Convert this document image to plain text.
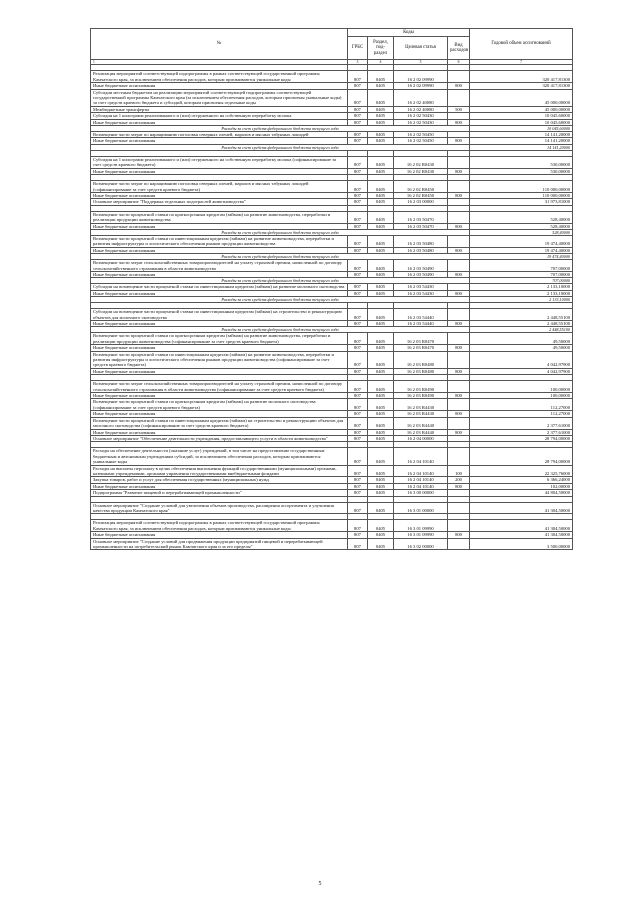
№	Коды				Годовой объем ассигнований
	ГРБС	Раздел, под-раздел	Целевая статья	Вид расходов	
1	3	4	5	6	7

Реализация мероприятий соответствующей подпрограммы в рамках соответствующей государственной программы Камчатского края, за исключением обеспечения расходов, которым присваиваются уникальные коды	807	0405	16 2 02 09990		320 417,81300
Иные бюджетные ассигнования	807	0405	16 2 02 09990	800	320 417,81300
Субсидии местным бюджетам на реализацию мероприятий соответствующей подпрограммы соответствующей государственной программы Камчатского края (за исключением обеспечения расходов, которым присвоены уникальные коды) за счет средств краевого бюджета и субсидий, которым присвоены отдельные коды	807	0405	16 2 02 40080		45 000,00000
Межбюджетные трансферты	807	0405	16 2 02 40080	500	45 000,00000
Субсидия на 1 килограмм реализованного и (или) отгруженного на собственную переработку молока	807	0405	16 2 02 50430		10 045,60000
Иные бюджетные ассигнования	807	0405	16 2 02 50430	800	10 045,60000
Расходы за счет средств федерального бюджета текущего года					10 045,60000
Возмещение части затрат по наращиванию поголовья северных оленей, маралов и мясных табунных лошадей	807	0405	16 2 02 50450		14 141,20000
Иные бюджетные ассигнования	807	0405	16 2 02 50450	800	14 141,20000
Расходы за счет средств федерального бюджета текущего года					14 141,20000

Субсидия на 1 килограмм реализованного и (или) отгруженного на собственную переработку молока (софинансирование за счет средств краевого бюджета)	807	0405	16 2 02 R0430		530,00000
Иные бюджетные ассигнования	807	0405	16 2 02 R0430	800	530,00000

Возмещение части затрат по наращиванию поголовья северных оленей, маралов и мясных табунных лошадей (софинансирование за счет средств краевого бюджета)	807	0405	16 2 02 R0450		110 000,00000
Иные бюджетные ассигнования	807	0405	16 2 02 R0450	800	110 000,00000
Основное мероприятие "Поддержка отдельных подотраслей животноводства"	807	0405	16 2 03 00000		31 973,81000

Возмещение части процентной ставки по краткосрочным кредитам (займам) на развитие животноводства, переработки и реализации продукции животноводства	807	0405	16 2 03 50470		528,40000
Иные бюджетные ассигнования	807	0405	16 2 03 50470	800	528,40000
Расходы за счет средств федерального бюджета текущего года					528,40000
Возмещение части процентной ставки по инвестиционным кредитам (займам) на развитие животноводства, переработки и развития инфраструктуры и логистического обеспечения рынков продукции животноводства	807	0405	16 2 03 50480		19 474,40000
Иные бюджетные ассигнования	807	0405	16 2 03 50480	800	19 474,40000
Расходы за счет средств федерального бюджета текущего года					19 474,40000
Возмещение части затрат сельскохозяйственных товаропроизводителей на уплату страховой премии, начисленной по договору сельскохозяйственного страхования в области животноводства	807	0405	16 2 03 50490		707,00000
Иные бюджетные ассигнования	807	0405	16 2 03 50490	800	707,00000
Расходы за счет средств федерального бюджета текущего года					707,00000
Субсидии на возмещение части процентной ставки по инвестиционным кредитам (займам) на развитие молочного скотоводства	807	0405	16 2 03 54430		2 133,10000
Иные бюджетные ассигнования	807	0405	16 2 03 54430	800	2 133,10000
Расходы за счет средств федерального бюджета текущего года					2 133,10000

Субсидии на возмещение части процентной ставки по инвестиционным кредитам (займам) на строительство и реконструкцию объектов для молочного скотоводства	807	0405	16 2 03 54440		2 448,55100
Иные бюджетные ассигнования	807	0405	16 2 03 54440	800	2 448,55100
Расходы за счет средств федерального бюджета текущего года					2 448,55100
Возмещение части процентной ставки по краткосрочным кредитам (займам) на развитие животноводства, переработки и реализации продукции животноводства (софинансирование за счет средств краевого бюджета)	807	0405	16 2 03 R0470		49,50000
Иные бюджетные ассигнования	807	0405	16 2 03 R0470	800	49,50000
Возмещение части процентной ставки по инвестиционным кредитам (займам) на развитие животноводства, переработки и развития инфраструктуры и логистического обеспечения рынков продукции животноводства (софинансирование за счет средств краевого бюджета)	807	0405	16 2 03 R0480		4 042,97900
Иные бюджетные ассигнования	807	0405	16 2 03 R0480	800	4 042,97900

Возмещение части затрат сельскохозяйственных товаропроизводителей на уплату страховой премии, начисленной по договору сельскохозяйственного страхования в области животноводства (софинансирование за счет средств краевого бюджета)	807	0405	16 2 03 R0490		100,00000
Иные бюджетные ассигнования	807	0405	16 2 03 R0490	800	100,00000
Возмещение части процентной ставки по краткосрочным кредитам (займам) на развитие молочного скотоводства (софинансирование за счет средств краевого бюджета)	807	0405	16 2 03 R4430		112,27000
Иные бюджетные ассигнования	807	0405	16 2 03 R4430	800	112,27000
Возмещение части процентной ставки по инвестиционным кредитам (займам) на строительство и реконструкцию объектов для молочного скотоводства (софинансирование за счет средств краевого бюджета)	807	0405	16 2 03 R4440		2 377,61000
Иные бюджетные ассигнования	807	0405	16 2 03 R4440	800	2 377,61000
Основное мероприятие "Обеспечение деятельности учреждения, предоставляющего услуги в области животноводства"	807	0405	16 2 04 00000		28 794,00000

Расходы на обеспечение деятельности (оказание услуг) учреждений, в том числе на предоставление государственным бюджетным и автономным учреждениям субсидий, за исключением обеспечения расходов, которым присваиваются уникальные коды	807	0405	16 2 04 10140		28 794,00000
Расходы на выплаты персоналу в целях обеспечения выполнения функций государственными (муниципальными) органами, казенными учреждениями, органами управления государственными внебюджетными фондами	807	0405	16 2 04 10140	100	22 325,76000
Закупка товаров, работ и услуг для обеспечения государственных (муниципальных) нужд	807	0405	16 2 04 10140	200	6 366,24000
Иные бюджетные ассигнования	807	0405	16 2 04 10140	800	102,00000
Подпрограмма "Развитие пищевой и перерабатывающей промышленности"	807	0405	16 3 00 00000		44 804,50000

Основное мероприятие "Создание условий для увеличения объемов производства, расширения ассортимента и улучшения качества продукции Камчатского края"	807	0405	16 3 01 00000		41 304,50000

Реализация мероприятий соответствующей подпрограммы в рамках соответствующей государственной программы Камчатского края, за исключением обеспечения расходов, которым присваиваются уникальные коды	807	0405	16 3 01 09990		41 304,50000
Иные бюджетные ассигнования	807	0405	16 3 01 09990	800	41 304,50000
Основное мероприятие "Создание условий для продвижения продукции предприятий пищевой и перерабатывающей промышленности на потребительский рынок Камчатского края и за его пределы"	807	0405	16 3 02 00000		3 500,00000
5
